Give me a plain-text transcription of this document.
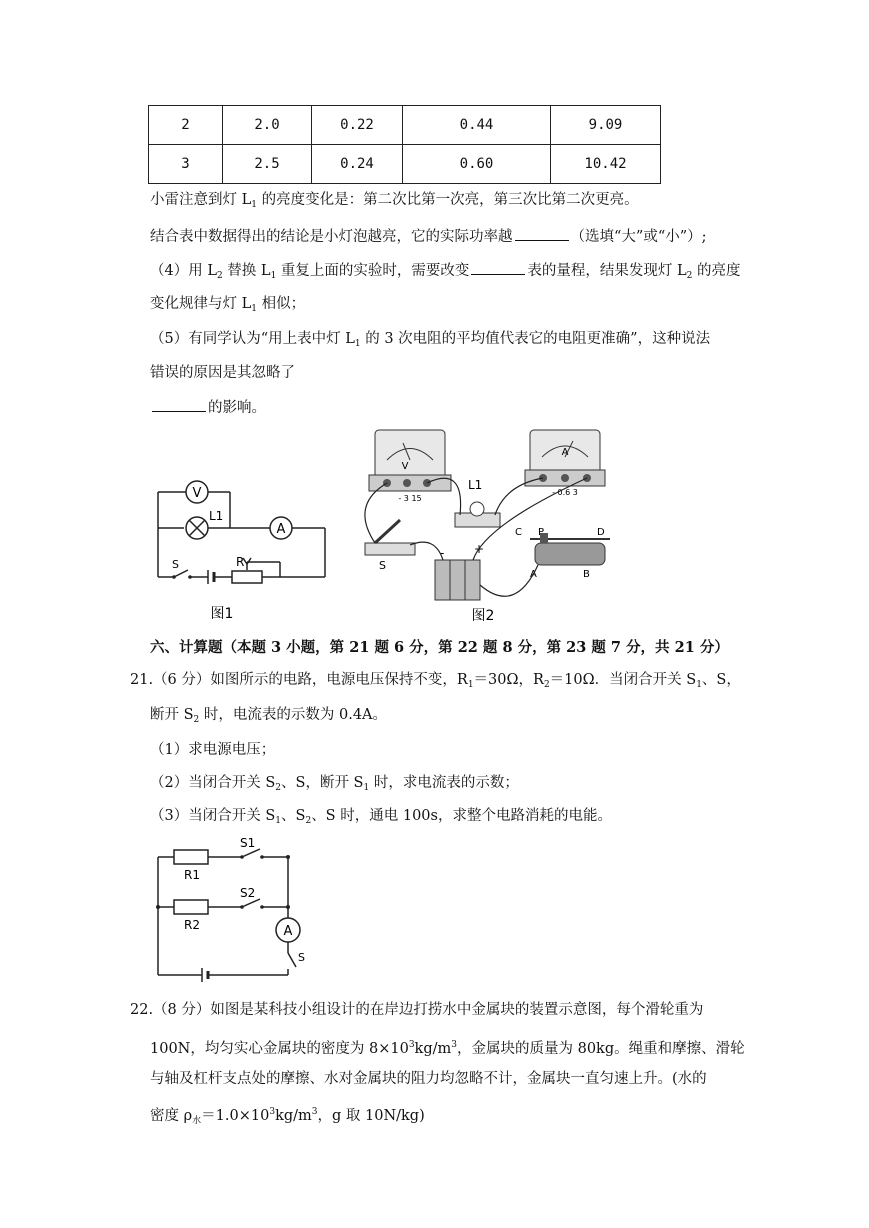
2	2.0	0.22	0.44	9.09
3	2.5	0.24	0.60	10.42
小雷注意到灯 $L_1$ 的亮度变化是：第二次比第一次亮，第三次比第二次更亮。
结合表中数据得出的结论是小灯泡越亮，它的实际功率越	（选填“大”或“小”）;
（4）用 $L_2$ 替换 $L_1$ 重复上面的实验时，需要改变	表的量程，结果发现灯 $L_2$ 的亮度
变化规律与灯 $L_1$ 相似；
（5）有同学认为“用上表中灯 $L_1$ 的 3 次电阻的平均值代表它的电阻更准确”，这种说法
错误的原因是其忽略了
的影响。
V
L1
A
S	R
图1
V
- 3 15
A
- 0.6 3
L1
S
+
-
C P	D
A	B
图2
六、计算题（本题 3 小题，第 21 题 6 分，第 22 题 8 分，第 23 题 7 分，共 21 分）
21.（6 分）如图所示的电路，电源电压保持不变，$R_1=30\Omega$，$R_2=10\Omega$．当闭合开关 $S_1$、S，
断开 $S_2$ 时，电流表的示数为 0.4A。
（1）求电源电压；
（2）当闭合开关 $S_2$、S，断开 $S_1$ 时，求电流表的示数；
（3）当闭合开关 $S_1$、$S_2$、S 时，通电 100s，求整个电路消耗的电能。
R1
R2
S1
S2
A
S
22.（8 分）如图是某科技小组设计的在岸边打捞水中金属块的装置示意图，每个滑轮重为
100N，均匀实心金属块的密度为 $8\times 10^3kg/m^3$，金属块的质量为 80kg。绳重和摩擦、滑轮
与轴及杠杆支点处的摩擦、水对金属块的阻力均忽略不计，金属块一直匀速上升。(水的
密度 $\rho_水=1.0\times 10^3kg/m^3$，g 取 10N/kg)
